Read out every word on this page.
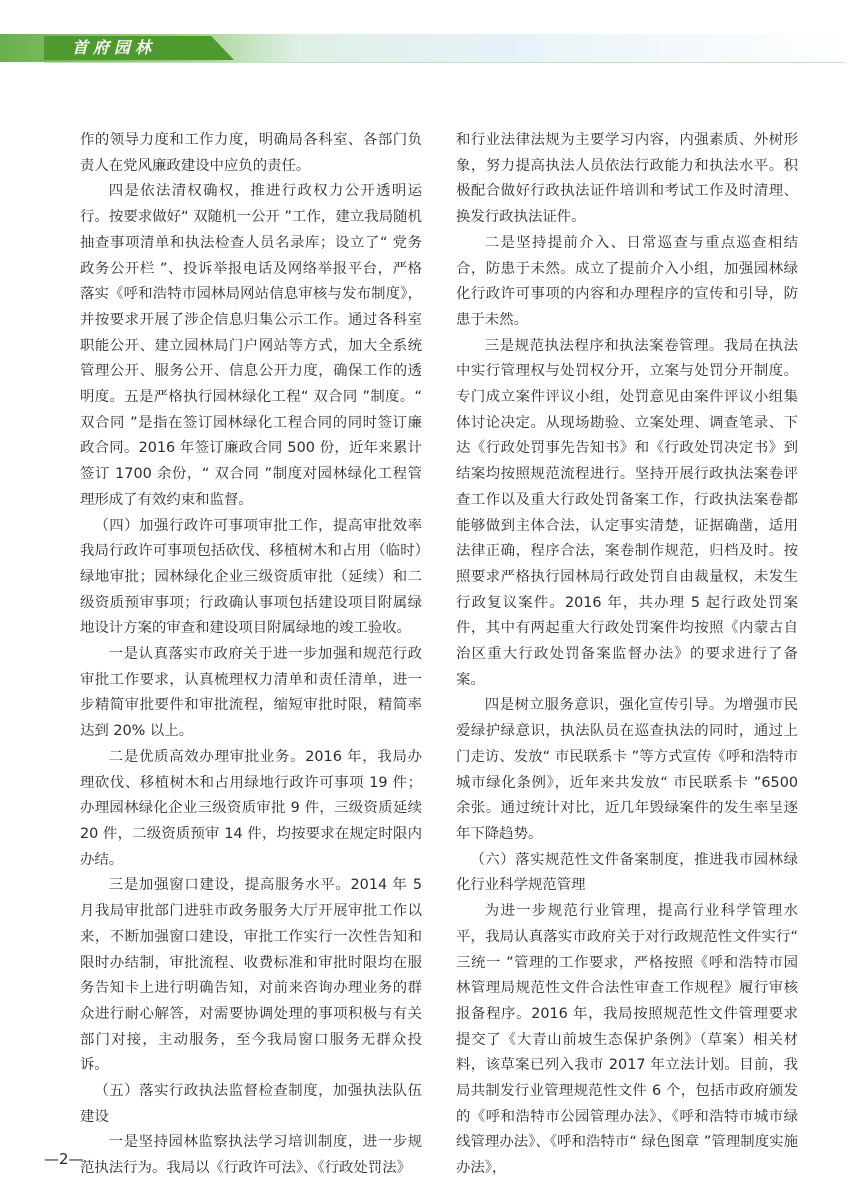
首府园林

作的领导力度和工作力度，明确局各科室、各部门负责人在党风廉政建设中应负的责任。

四是依法清权确权，推进行政权力公开透明运行。按要求做好“ 双随机一公开 ”工作，建立我局随机抽查事项清单和执法检查人员名录库；设立了“ 党务政务公开栏 ”、投诉举报电话及网络举报平台，严格落实《呼和浩特市园林局网站信息审核与发布制度》，并按要求开展了涉企信息归集公示工作。通过各科室职能公开、建立园林局门户网站等方式，加大全系统管理公开、服务公开、信息公开力度，确保工作的透明度。五是严格执行园林绿化工程“ 双合同 ”制度。“ 双合同 ”是指在签订园林绿化工程合同的同时签订廉政合同。2016 年签订廉政合同 500 份，近年来累计签订 1700 余份，“ 双合同 ”制度对园林绿化工程管理形成了有效约束和监督。

（四）加强行政许可事项审批工作，提高审批效率我局行政许可事项包括砍伐、移植树木和占用（临时）绿地审批；园林绿化企业三级资质审批（延续）和二级资质预审事项；行政确认事项包括建设项目附属绿地设计方案的审查和建设项目附属绿地的竣工验收。

一是认真落实市政府关于进一步加强和规范行政审批工作要求，认真梳理权力清单和责任清单，进一步精简审批要件和审批流程，缩短审批时限，精简率达到 20% 以上。

二是优质高效办理审批业务。2016 年，我局办理砍伐、移植树木和占用绿地行政许可事项 19 件；办理园林绿化企业三级资质审批 9 件，三级资质延续 20 件，二级资质预审 14 件，均按要求在规定时限内办结。

三是加强窗口建设，提高服务水平。2014 年 5 月我局审批部门进驻市政务服务大厅开展审批工作以来，不断加强窗口建设，审批工作实行一次性告知和限时办结制，审批流程、收费标准和审批时限均在服务告知卡上进行明确告知，对前来咨询办理业务的群众进行耐心解答，对需要协调处理的事项积极与有关部门对接，主动服务，至今我局窗口服务无群众投诉。

（五）落实行政执法监督检查制度，加强执法队伍建设

一是坚持园林监察执法学习培训制度，进一步规范执法行为。我局以《行政许可法》、《行政处罚法》

和行业法律法规为主要学习内容，内强素质、外树形象，努力提高执法人员依法行政能力和执法水平。积极配合做好行政执法证件培训和考试工作及时清理、换发行政执法证件。

二是坚持提前介入、日常巡查与重点巡查相结合，防患于未然。成立了提前介入小组，加强园林绿化行政许可事项的内容和办理程序的宣传和引导，防患于未然。

三是规范执法程序和执法案卷管理。我局在执法中实行管理权与处罚权分开，立案与处罚分开制度。专门成立案件评议小组，处罚意见由案件评议小组集体讨论决定。从现场勘验、立案处理、调查笔录、下达《行政处罚事先告知书》和《行政处罚决定书》到结案均按照规范流程进行。坚持开展行政执法案卷评查工作以及重大行政处罚备案工作，行政执法案卷都能够做到主体合法，认定事实清楚，证据确凿，适用法律正确，程序合法，案卷制作规范，归档及时。按照要求严格执行园林局行政处罚自由裁量权，未发生行政复议案件。2016 年，共办理 5 起行政处罚案件，其中有两起重大行政处罚案件均按照《内蒙古自治区重大行政处罚备案监督办法》的要求进行了备案。

四是树立服务意识，强化宣传引导。为增强市民爱绿护绿意识，执法队员在巡查执法的同时，通过上门走访、发放“ 市民联系卡 ”等方式宣传《呼和浩特市城市绿化条例》，近年来共发放“ 市民联系卡 ”6500 余张。通过统计对比，近几年毁绿案件的发生率呈逐年下降趋势。

（六）落实规范性文件备案制度，推进我市园林绿化行业科学规范管理

为进一步规范行业管理，提高行业科学管理水平，我局认真落实市政府关于对行政规范性文件实行“ 三统一 ”管理的工作要求，严格按照《呼和浩特市园林管理局规范性文件合法性审查工作规程》履行审核报备程序。2016 年，我局按照规范性文件管理要求提交了《大青山前坡生态保护条例》（草案）相关材料，该草案已列入我市 2017 年立法计划。目前，我局共制发行业管理规范性文件 6 个，包括市政府颁发的《呼和浩特市公园管理办法》、《呼和浩特市城市绿线管理办法》、《呼和浩特市“ 绿色图章 ”管理制度实施办法》，

—2—
